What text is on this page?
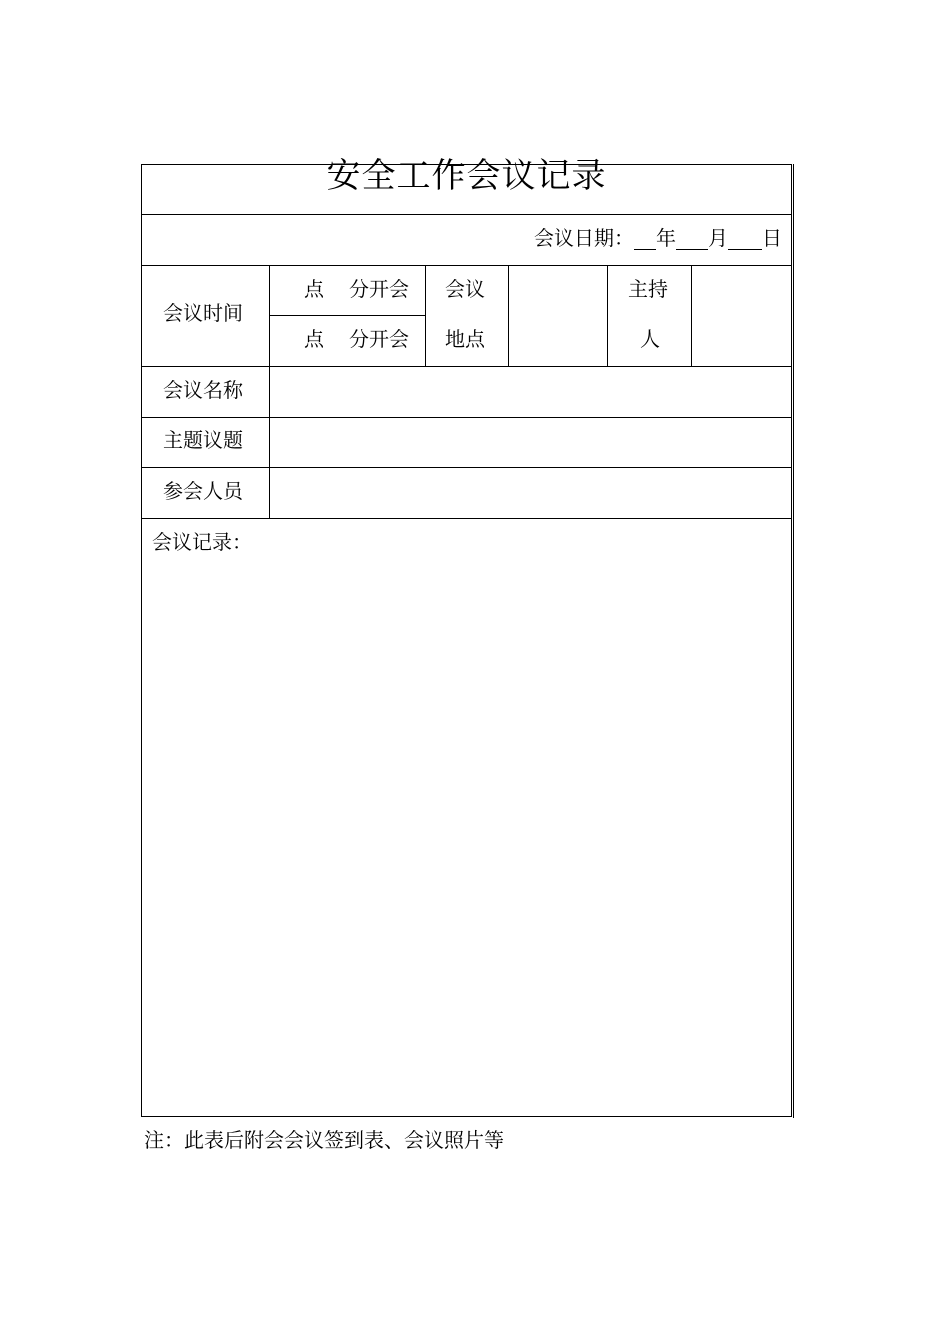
安全工作会议记录
会议日期： 年 月 日
会议时间
点 分开会
点 分开会
会议
地点
主持
人
会议名称
主题议题
参会人员
会议记录：
注：此表后附会会议签到表、会议照片等
